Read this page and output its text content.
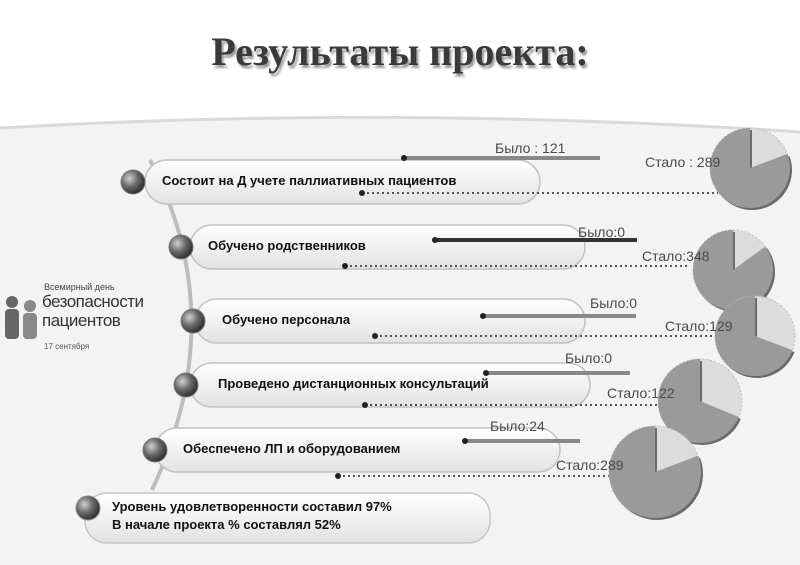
Результаты проекта:
Всемирный день
безопасности
пациентов
17 сентября
Состоит на Д учете паллиативных пациентов
Было : 121
Стало : 289
Обучено родственников
Было:0
Стало:348
Обучено персонала
Было:0
Стало:129
Проведено дистанционных консультаций
Было:0
Стало:122
Обеспечено ЛП и оборудованием
Было:24
Стало:289
Уровень удовлетворенности составил 97%
В начале проекта % составлял 52%
